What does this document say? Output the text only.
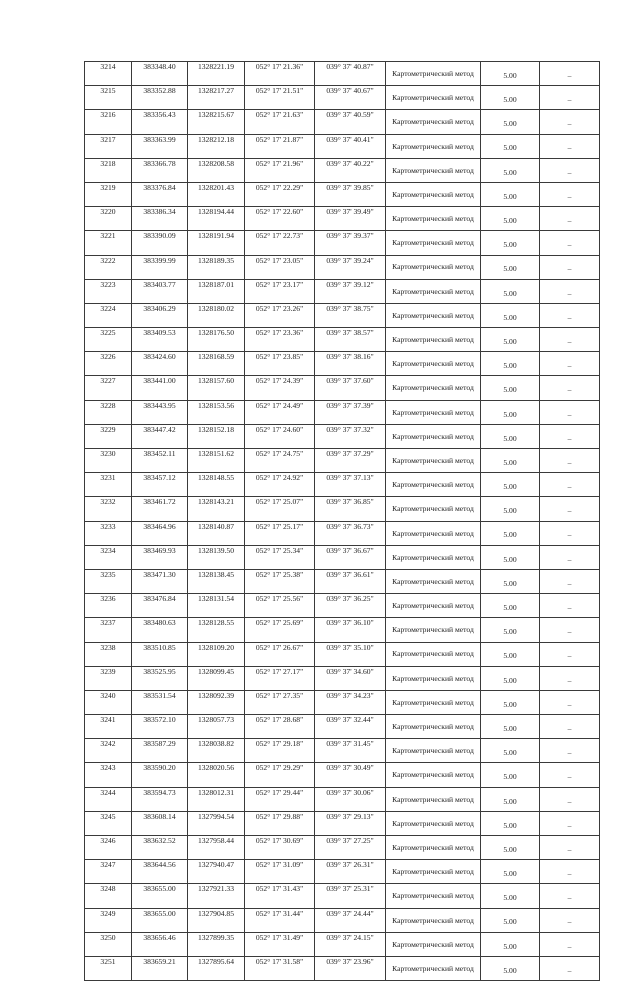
3214	383348.40	1328221.19	052° 17' 21.36"	039° 37' 40.87"	Картометрический метод	5.00	–
3215	383352.88	1328217.27	052° 17' 21.51"	039° 37' 40.67"	Картометрический метод	5.00	–
3216	383356.43	1328215.67	052° 17' 21.63"	039° 37' 40.59"	Картометрический метод	5.00	–
3217	383363.99	1328212.18	052° 17' 21.87"	039° 37' 40.41"	Картометрический метод	5.00	–
3218	383366.78	1328208.58	052° 17' 21.96"	039° 37' 40.22"	Картометрический метод	5.00	–
3219	383376.84	1328201.43	052° 17' 22.29"	039° 37' 39.85"	Картометрический метод	5.00	–
3220	383386.34	1328194.44	052° 17' 22.60"	039° 37' 39.49"	Картометрический метод	5.00	–
3221	383390.09	1328191.94	052° 17' 22.73"	039° 37' 39.37"	Картометрический метод	5.00	–
3222	383399.99	1328189.35	052° 17' 23.05"	039° 37' 39.24"	Картометрический метод	5.00	–
3223	383403.77	1328187.01	052° 17' 23.17"	039° 37' 39.12"	Картометрический метод	5.00	–
3224	383406.29	1328180.02	052° 17' 23.26"	039° 37' 38.75"	Картометрический метод	5.00	–
3225	383409.53	1328176.50	052° 17' 23.36"	039° 37' 38.57"	Картометрический метод	5.00	–
3226	383424.60	1328168.59	052° 17' 23.85"	039° 37' 38.16"	Картометрический метод	5.00	–
3227	383441.00	1328157.60	052° 17' 24.39"	039° 37' 37.60"	Картометрический метод	5.00	–
3228	383443.95	1328153.56	052° 17' 24.49"	039° 37' 37.39"	Картометрический метод	5.00	–
3229	383447.42	1328152.18	052° 17' 24.60"	039° 37' 37.32"	Картометрический метод	5.00	–
3230	383452.11	1328151.62	052° 17' 24.75"	039° 37' 37.29"	Картометрический метод	5.00	–
3231	383457.12	1328148.55	052° 17' 24.92"	039° 37' 37.13"	Картометрический метод	5.00	–
3232	383461.72	1328143.21	052° 17' 25.07"	039° 37' 36.85"	Картометрический метод	5.00	–
3233	383464.96	1328140.87	052° 17' 25.17"	039° 37' 36.73"	Картометрический метод	5.00	–
3234	383469.93	1328139.50	052° 17' 25.34"	039° 37' 36.67"	Картометрический метод	5.00	–
3235	383471.30	1328138.45	052° 17' 25.38"	039° 37' 36.61"	Картометрический метод	5.00	–
3236	383476.84	1328131.54	052° 17' 25.56"	039° 37' 36.25"	Картометрический метод	5.00	–
3237	383480.63	1328128.55	052° 17' 25.69"	039° 37' 36.10"	Картометрический метод	5.00	–
3238	383510.85	1328109.20	052° 17' 26.67"	039° 37' 35.10"	Картометрический метод	5.00	–
3239	383525.95	1328099.45	052° 17' 27.17"	039° 37' 34.60"	Картометрический метод	5.00	–
3240	383531.54	1328092.39	052° 17' 27.35"	039° 37' 34.23"	Картометрический метод	5.00	–
3241	383572.10	1328057.73	052° 17' 28.68"	039° 37' 32.44"	Картометрический метод	5.00	–
3242	383587.29	1328038.82	052° 17' 29.18"	039° 37' 31.45"	Картометрический метод	5.00	–
3243	383590.20	1328020.56	052° 17' 29.29"	039° 37' 30.49"	Картометрический метод	5.00	–
3244	383594.73	1328012.31	052° 17' 29.44"	039° 37' 30.06"	Картометрический метод	5.00	–
3245	383608.14	1327994.54	052° 17' 29.88"	039° 37' 29.13"	Картометрический метод	5.00	–
3246	383632.52	1327958.44	052° 17' 30.69"	039° 37' 27.25"	Картометрический метод	5.00	–
3247	383644.56	1327940.47	052° 17' 31.09"	039° 37' 26.31"	Картометрический метод	5.00	–
3248	383655.00	1327921.33	052° 17' 31.43"	039° 37' 25.31"	Картометрический метод	5.00	–
3249	383655.00	1327904.85	052° 17' 31.44"	039° 37' 24.44"	Картометрический метод	5.00	–
3250	383656.46	1327899.35	052° 17' 31.49"	039° 37' 24.15"	Картометрический метод	5.00	–
3251	383659.21	1327895.64	052° 17' 31.58"	039° 37' 23.96"	Картометрический метод	5.00	–
